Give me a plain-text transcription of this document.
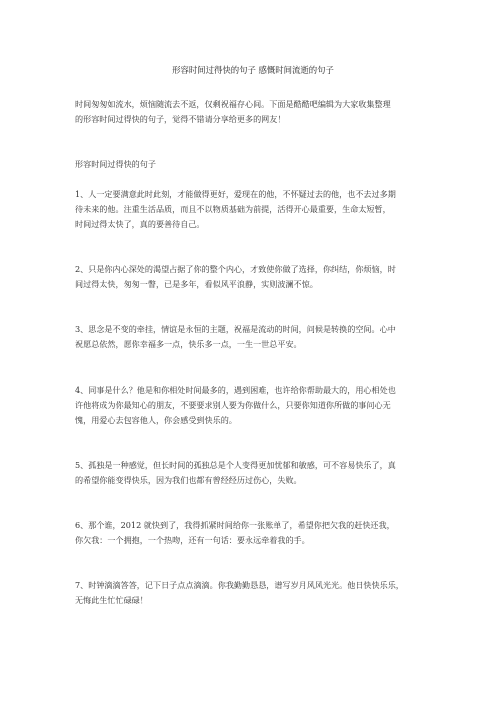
形容时间过得快的句子 感慨时间流逝的句子
时间匆匆如流水，烦恼随流去不返，仅剩祝福存心间。下面是酷酷吧编辑为大家收集整理
的形容时间过得快的句子，觉得不错请分享给更多的网友！
形容时间过得快的句子
1、人一定要满意此时此刻，才能做得更好，爱现在的他，不怀疑过去的他，也不去过多期
待未来的他。注重生活品质，而且不以物质基础为前提，活得开心最重要，生命太短暂，
时间过得太快了，真的要善待自己。
2、只是你内心深处的渴望占据了你的整个内心，才致使你做了选择，你纠结，你烦恼，时
间过得太快，匆匆一瞥，已是多年，看似风平浪静，实则波澜不惊。
3、思念是不变的牵挂，情谊是永恒的主题，祝福是流动的时间，问候是转换的空间。心中
祝愿总依然，愿你幸福多一点，快乐多一点，一生一世总平安。
4、同事是什么？他是和你相处时间最多的，遇到困难，也许给你帮助最大的，用心相处也
许他将成为你最知心的朋友，不要要求别人要为你做什么，只要你知道你所做的事问心无
愧，用爱心去包容他人，你会感受到快乐的。
5、孤独是一种感觉，但长时间的孤独总是个人变得更加忧郁和敏感，可不容易快乐了，真
的希望你能变得快乐，因为我们也都有曾经经历过伤心，失败。
6、那个谁，2012 就快到了，我得抓紧时间给你一张账单了，希望你把欠我的赶快还我，
你欠我：一个拥抱，一个热吻，还有一句话：要永远牵着我的手。
7、时钟滴滴答答，记下日子点点滴滴。你我勤勤恳恳，谱写岁月风风光光。他日快快乐乐，
无悔此生忙忙碌碌！
